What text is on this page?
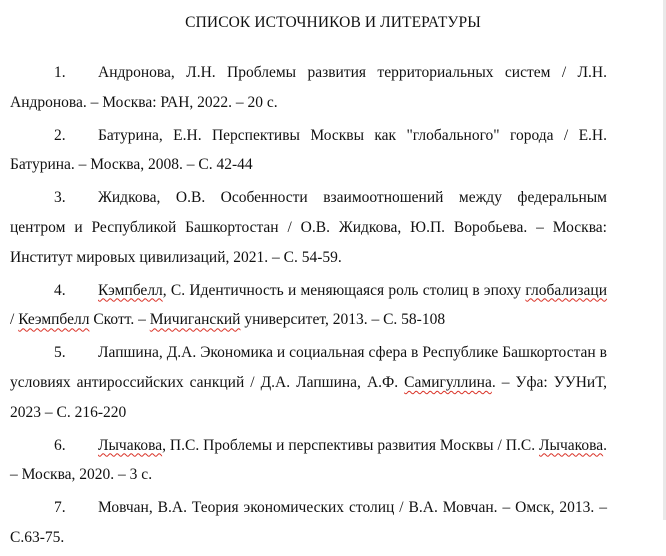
СПИСОК ИСТОЧНИКОВ И ЛИТЕРАТУРЫ
1. Андронова, Л.Н. Проблемы развития территориальных систем / Л.Н. Андронова. – Москва: РАН, 2022. – 20 с.
2. Батурина, Е.Н. Перспективы Москвы как "глобального" города / Е.Н. Батурина. – Москва, 2008. – С. 42-44
3. Жидкова, О.В. Особенности взаимоотношений между федеральным центром и Республикой Башкортостан / О.В. Жидкова, Ю.П. Воробьева. – Москва: Институт мировых цивилизаций, 2021. – С. 54-59.
4. Кэмпбелл, С. Идентичность и меняющаяся роль столиц в эпоху глобализаци / Кеэмпбелл Скотт. – Мичиганский университет, 2013. – С. 58-108
5. Лапшина, Д.А. Экономика и социальная сфера в Республике Башкортостан в условиях антироссийских санкций / Д.А. Лапшина, А.Ф. Самигуллина. – Уфа: УУНиТ, 2023 – С. 216-220
6. Лычакова, П.С. Проблемы и перспективы развития Москвы / П.С. Лычакова. – Москва, 2020. – 3 с.
7. Мовчан, В.А. Теория экономических столиц / В.А. Мовчан. – Омск, 2013. – С.63-75.
